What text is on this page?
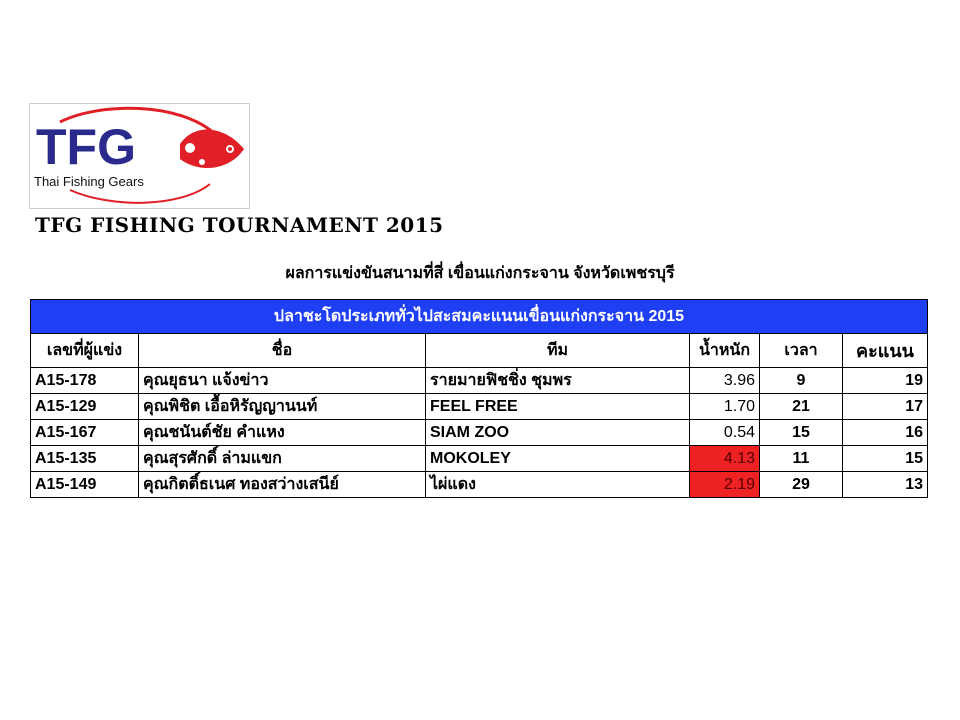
TFG
Thai Fishing Gears
TFG FISHING TOURNAMENT 2015
ผลการแข่งขันสนามที่สี่ เขื่อนแก่งกระจาน จังหวัดเพชรบุรี
ปลาชะโดประเภททั่วไปสะสมคะแนนเขื่อนแก่งกระจาน 2015					
เลขที่ผู้แข่ง	ชื่อ	ทีม	น้ำหนัก	เวลา	คะแนน
A15-178	คุณยุธนา แจ้งข่าว	รายมายฟิชชิ่ง ชุมพร	3.96	9	19
A15-129	คุณพิชิต เอื้อหิรัญญานนท์	FEEL FREE	1.70	21	17
A15-167	คุณชนันต์ชัย คำแหง	SIAM ZOO	0.54	15	16
A15-135	คุณสุรศักดิ์ ล่ามแขก	MOKOLEY	4.13	11	15
A15-149	คุณกิตติ์ธเนศ ทองสว่างเสนีย์	ไผ่แดง	2.19	29	13
